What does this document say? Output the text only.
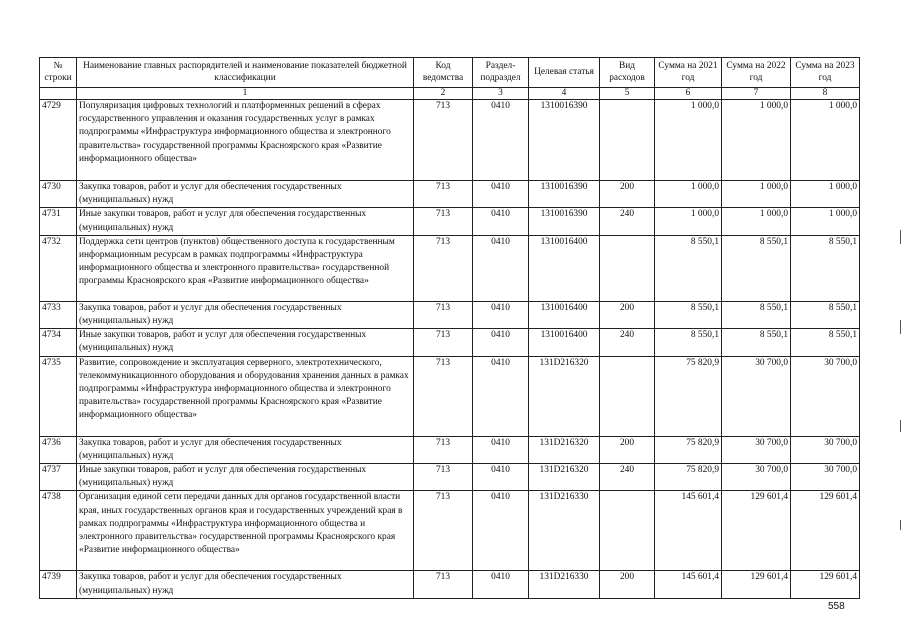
№ строки	Наименование главных распорядителей и наименование показателей бюджетной классификации	Код ведомства	Раздел-подраздел	Целевая статья	Вид расходов	Сумма на 2021 год	Сумма на 2022 год	Сумма на 2023 год
	1	2	3	4	5	6	7	8
4729	Популяризация цифровых технологий и платформенных решений в сферах государственного управления и оказания государственных услуг в рамках подпрограммы «Инфраструктура информационного общества и электронного правительства» государственной программы Красноярского края «Развитие информационного общества»	713	0410	1310016390		1 000,0	1 000,0	1 000,0
4730	Закупка товаров, работ и услуг для обеспечения государственных (муниципальных) нужд	713	0410	1310016390	200	1 000,0	1 000,0	1 000,0
4731	Иные закупки товаров, работ и услуг для обеспечения государственных (муниципальных) нужд	713	0410	1310016390	240	1 000,0	1 000,0	1 000,0
4732	Поддержка сети центров (пунктов) общественного доступа к государственным информационным ресурсам в рамках подпрограммы «Инфраструктура информационного общества и электронного правительства» государственной программы Красноярского края «Развитие информационного общества»	713	0410	1310016400		8 550,1	8 550,1	8 550,1
4733	Закупка товаров, работ и услуг для обеспечения государственных (муниципальных) нужд	713	0410	1310016400	200	8 550,1	8 550,1	8 550,1
4734	Иные закупки товаров, работ и услуг для обеспечения государственных (муниципальных) нужд	713	0410	1310016400	240	8 550,1	8 550,1	8 550,1
4735	Развитие, сопровождение и эксплуатация серверного, электротехнического, телекоммуникационного оборудования и оборудования хранения данных в рамках подпрограммы «Инфраструктура информационного общества и электронного правительства» государственной программы Красноярского края «Развитие информационного общества»	713	0410	131D216320		75 820,9	30 700,0	30 700,0
4736	Закупка товаров, работ и услуг для обеспечения государственных (муниципальных) нужд	713	0410	131D216320	200	75 820,9	30 700,0	30 700,0
4737	Иные закупки товаров, работ и услуг для обеспечения государственных (муниципальных) нужд	713	0410	131D216320	240	75 820,9	30 700,0	30 700,0
4738	Организация единой сети передачи данных для органов государственной власти края, иных государственных органов края и государственных учреждений края в рамках подпрограммы «Инфраструктура информационного общества и электронного правительства» государственной программы Красноярского края «Развитие информационного общества»	713	0410	131D216330		145 601,4	129 601,4	129 601,4
4739	Закупка товаров, работ и услуг для обеспечения государственных (муниципальных) нужд	713	0410	131D216330	200	145 601,4	129 601,4	129 601,4
558
